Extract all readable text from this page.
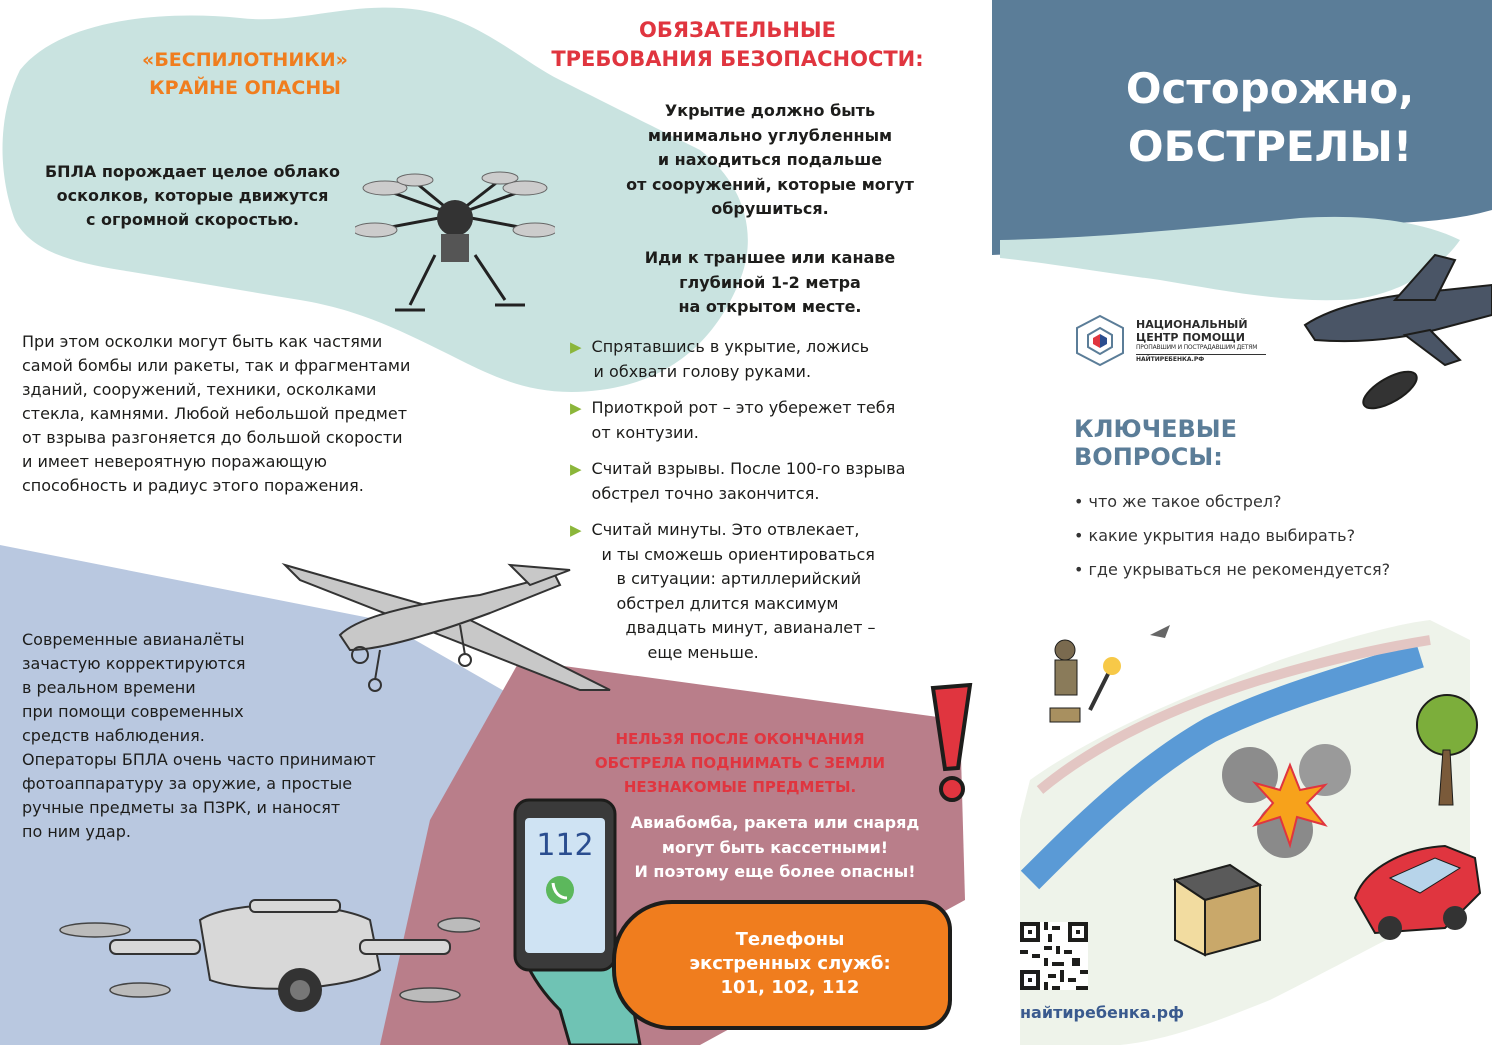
«БЕСПИЛОТНИКИ»
КРАЙНЕ ОПАСНЫ
БПЛА порождает целое облако
осколков, которые движутся
с огромной скоростью.
При этом осколки могут быть как частями
самой бомбы или ракеты, так и фрагментами
зданий, сооружений, техники, осколками
стекла, камнями. Любой небольшой предмет
от взрыва разгоняется до большой скорости
и имеет невероятную поражающую
способность и радиус этого поражения.
Современные авианалёты
зачастую корректируются
в реальном времени
при помощи современных
средств наблюдения.
Операторы БПЛА очень часто принимают
фотоаппаратуру за оружие, а простые
ручные предметы за ПЗРК, и наносят
по ним удар.
ОБЯЗАТЕЛЬНЫЕ
ТРЕБОВАНИЯ БЕЗОПАСНОСТИ:
Укрытие должно быть
минимально углубленным
и находиться подальше
от сооружений, которые могут
обрушиться.
Иди к траншее или канаве
глубиной 1-2 метра
на открытом месте.
▶ Спрятавшись в укрытие, ложись
и обхвати голову руками.
▶ Приоткрой рот – это убережет тебя
от контузии.
▶ Считай взрывы. После 100-го взрыва
обстрел точно закончится.
▶ Считай минуты. Это отвлекает,
и ты сможешь ориентироваться
в ситуации: артиллерийский
обстрел длится максимум
двадцать минут, авианалет –
еще меньше.
НЕЛЬЗЯ ПОСЛЕ ОКОНЧАНИЯ
ОБСТРЕЛА ПОДНИМАТЬ С ЗЕМЛИ
НЕЗНАКОМЫЕ ПРЕДМЕТЫ.
Авиабомба, ракета или снаряд
могут быть кассетными!
И поэтому еще более опасны!
112
Телефоны
экстренных служб:
101, 102, 112
Осторожно,
ОБСТРЕЛЫ!
НАЦИОНАЛЬНЫЙ
ЦЕНТР ПОМОЩИ
ПРОПАВШИМ И ПОСТРАДАВШИМ ДЕТЯМ
НАЙТИРЕБЕНКА.РФ
КЛЮЧЕВЫЕ
ВОПРОСЫ:
• что же такое обстрел?
• какие укрытия надо выбирать?
• где укрываться не рекомендуется?
найтиребенка.рф
